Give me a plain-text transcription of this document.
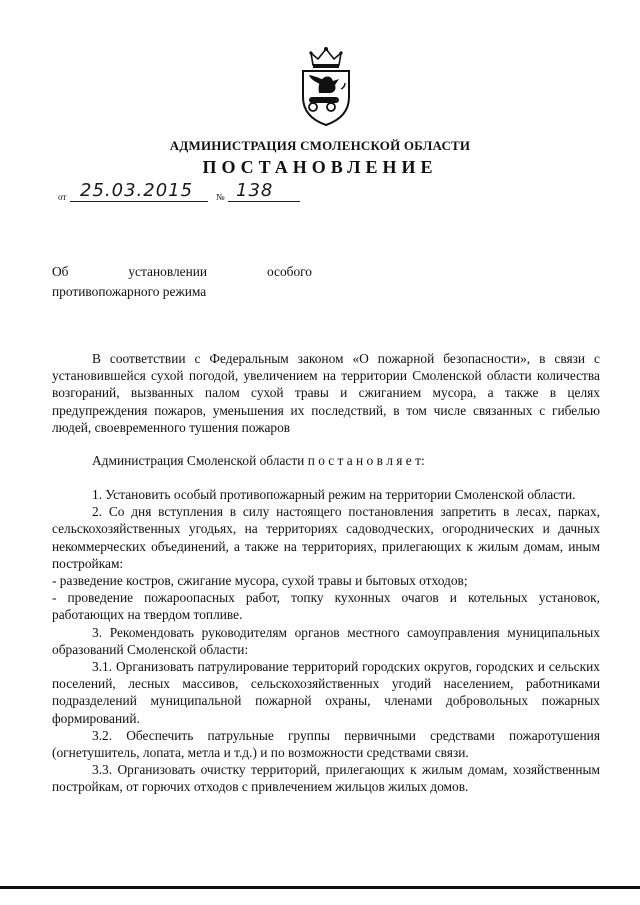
АДМИНИСТРАЦИЯ СМОЛЕНСКОЙ ОБЛАСТИ
ПОСТАНОВЛЕНИЕ
от 25.03.2015	№ 138
Об	установлении	особого
противопожарного режима

В соответствии с Федеральным законом «О пожарной безопасности», в связи с установившейся сухой погодой, увеличением на территории Смоленской области количества возгораний, вызванных палом сухой травы и сжиганием мусора, а также в целях предупреждения пожаров, уменьшения их последствий, в том числе связанных с гибелью людей, своевременного тушения пожаров

Администрация Смоленской области п о с т а н о в л я е т:

1. Установить особый противопожарный режим на территории Смоленской области.

2. Со дня вступления в силу настоящего постановления запретить в лесах, парках, сельскохозяйственных угодьях, на территориях садоводческих, огороднических и дачных некоммерческих объединений, а также на территориях, прилегающих к жилым домам, иным постройкам:

- разведение костров, сжигание мусора, сухой травы и бытовых отходов;

- проведение пожароопасных работ, топку кухонных очагов и котельных установок, работающих на твердом топливе.

3. Рекомендовать руководителям органов местного самоуправления муниципальных образований Смоленской области:

3.1. Организовать патрулирование территорий городских округов, городских и сельских поселений, лесных массивов, сельскохозяйственных угодий населением, работниками подразделений муниципальной пожарной охраны, членами добровольных пожарных формирований.

3.2. Обеспечить патрульные группы первичными средствами пожаротушения (огнетушитель, лопата, метла и т.д.) и по возможности средствами связи.

3.3. Организовать очистку территорий, прилегающих к жилым домам, хозяйственным постройкам, от горючих отходов с привлечением жильцов жилых домов.
